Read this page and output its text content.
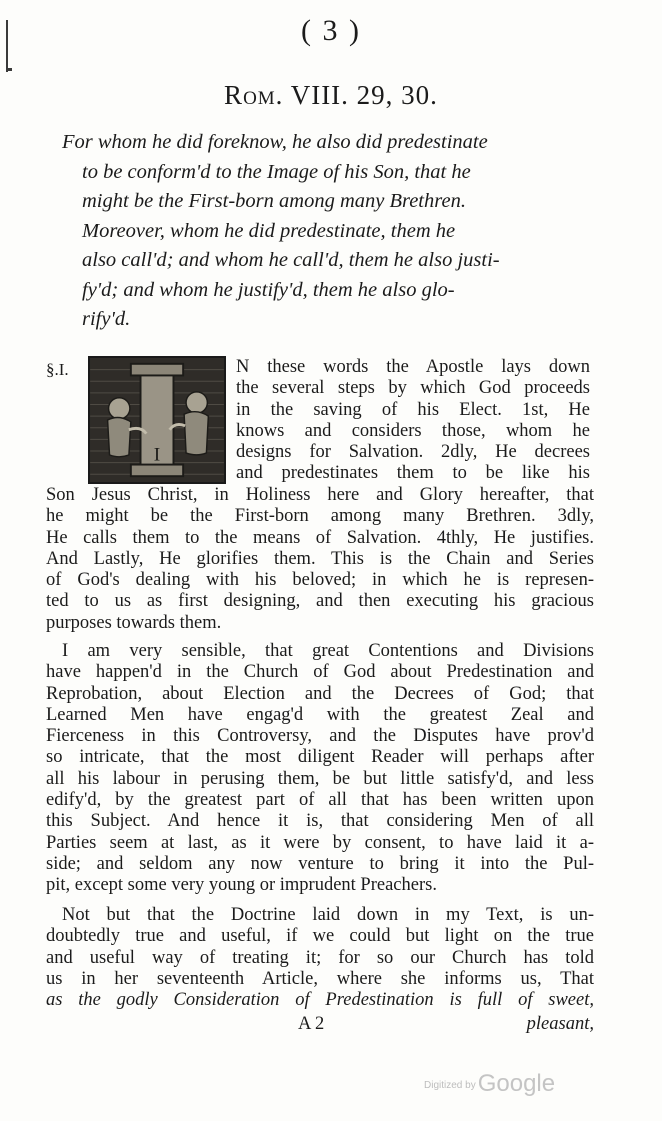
( 3 )
Rom. VIII. 29, 30.
For whom he did foreknow, he also did predestinate
to be conform'd to the Image of his Son, that he
might be the First-born among many Brethren.
Moreover, whom he did predestinate, them he
also call'd; and whom he call'd, them he also justi-
fy'd; and whom he justify'd, them he also glo-
rify'd.
§.I.
I
N these words the Apostle lays down
the several steps by which God proceeds
in the saving of his Elect. 1st, He
knows and considers those, whom he
designs for Salvation. 2dly, He decrees
and predestinates them to be like his
Son Jesus Christ, in Holiness here and Glory hereafter, that
he might be the First-born among many Brethren. 3dly,
He calls them to the means of Salvation. 4thly, He justifies.
And Lastly, He glorifies them. This is the Chain and Series
of God's dealing with his beloved; in which he is represen-
ted to us as first designing, and then executing his gracious
purposes towards them.
I am very sensible, that great Contentions and Divisions
have happen'd in the Church of God about Predestination and
Reprobation, about Election and the Decrees of God; that
Learned Men have engag'd with the greatest Zeal and
Fierceness in this Controversy, and the Disputes have prov'd
so intricate, that the most diligent Reader will perhaps after
all his labour in perusing them, be but little satisfy'd, and less
edify'd, by the greatest part of all that has been written upon
this Subject. And hence it is, that considering Men of all
Parties seem at last, as it were by consent, to have laid it a-
side; and seldom any now venture to bring it into the Pul-
pit, except some very young or imprudent Preachers.
Not but that the Doctrine laid down in my Text, is un-
doubtedly true and useful, if we could but light on the true
and useful way of treating it; for so our Church has told
us in her seventeenth Article, where she informs us, That
as the godly Consideration of Predestination is full of sweet,
A 2	pleasant,
Digitized byGoogle
